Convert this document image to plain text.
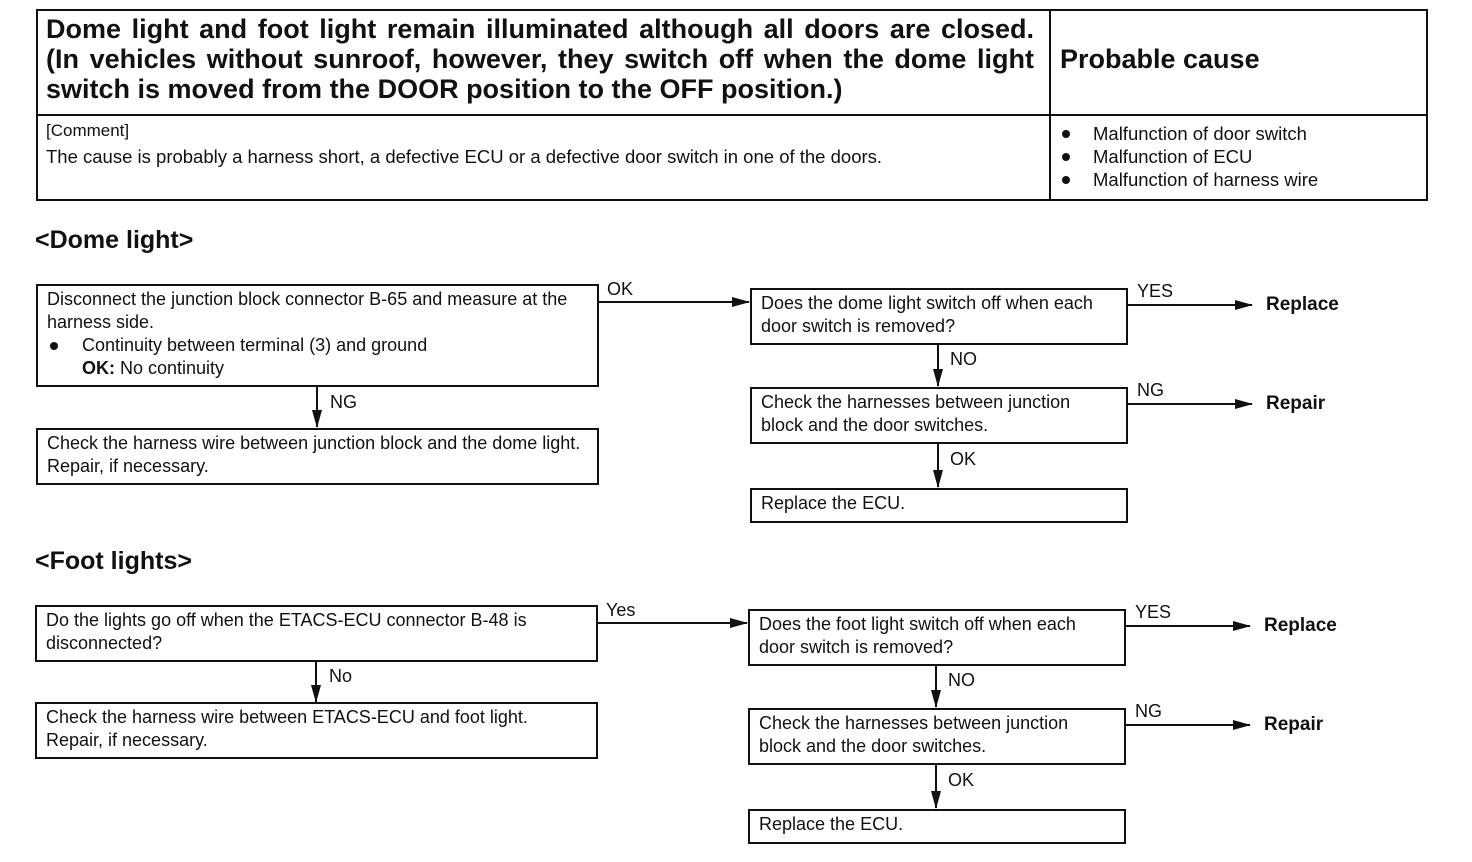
Dome light and foot light remain illuminated although all doors are closed. (In vehicles without sunroof, however, they switch off when the dome light switch is moved from the DOOR position to the OFF position.)
Probable cause
[Comment]
The cause is probably a harness short, a defective ECU or a defective door switch in one of the doors.
Malfunction of door switch
Malfunction of ECU
Malfunction of harness wire
<Dome light>
Disconnect the junction block connector B-65 and measure at the harness side.
Continuity between terminal (3) and ground
OK: No continuity
Check the harness wire between junction block and the dome light. Repair, if necessary.
Does the dome light switch off when each door switch is removed?
Check the harnesses between junction block and the door switches.
Replace the ECU.
OK
NG
YES
NO
NG
OK
Replace
Repair
<Foot lights>
Do the lights go off when the ETACS-ECU connector B-48 is disconnected?
Check the harness wire between ETACS-ECU and foot light. Repair, if necessary.
Does the foot light switch off when each door switch is removed?
Check the harnesses between junction block and the door switches.
Replace the ECU.
Yes
No
YES
NO
NG
OK
Replace
Repair
